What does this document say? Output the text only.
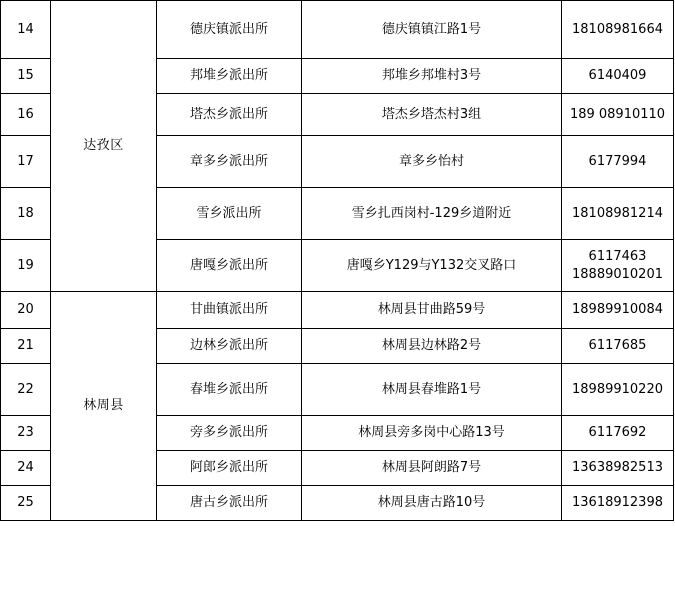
14	达孜区	德庆镇派出所	德庆镇镇江路1号	18108981664

15		邦堆乡派出所	邦堆乡邦堆村3号	6140409

16		塔杰乡派出所	塔杰乡塔杰村3组	189 08910110

17		章多乡派出所	章多乡怡村	6177994

18		雪乡派出所	雪乡扎西岗村-129乡道附近	18108981214

19		唐嘎乡派出所	唐嘎乡Y129与Y132交叉路口	6117463
18889010201

20	林周县	甘曲镇派出所	林周县甘曲路59号	18989910084

21		边林乡派出所	林周县边林路2号	6117685

22		春堆乡派出所	林周县春堆路1号	18989910220

23		旁多乡派出所	林周县旁多岗中心路13号	6117692

24		阿郎乡派出所	林周县阿朗路7号	13638982513

25		唐古乡派出所	林周县唐古路10号	13618912398
